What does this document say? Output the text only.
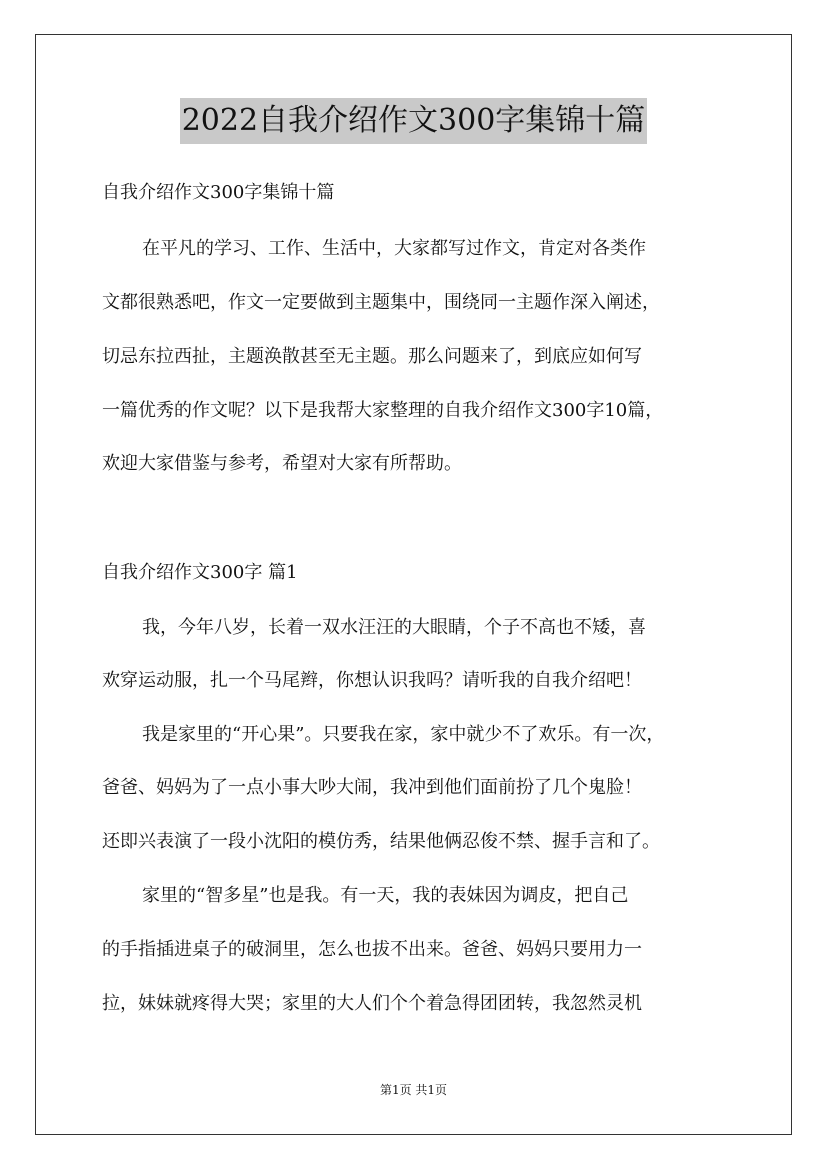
2022自我介绍作文300字集锦十篇
自我介绍作文300字集锦十篇
在平凡的学习、工作、生活中，大家都写过作文，肯定对各类作
文都很熟悉吧，作文一定要做到主题集中，围绕同一主题作深入阐述，
切忌东拉西扯，主题涣散甚至无主题。那么问题来了，到底应如何写
一篇优秀的作文呢？以下是我帮大家整理的自我介绍作文300字10篇，
欢迎大家借鉴与参考，希望对大家有所帮助。
自我介绍作文300字 篇1
我，今年八岁，长着一双水汪汪的大眼睛，个子不高也不矮，喜
欢穿运动服，扎一个马尾辫，你想认识我吗？请听我的自我介绍吧！
我是家里的“开心果”。只要我在家，家中就少不了欢乐。有一次，
爸爸、妈妈为了一点小事大吵大闹，我冲到他们面前扮了几个鬼脸！
还即兴表演了一段小沈阳的模仿秀，结果他俩忍俊不禁、握手言和了。
家里的“智多星”也是我。有一天，我的表妹因为调皮，把自己
的手指插进桌子的破洞里，怎么也拔不出来。爸爸、妈妈只要用力一
拉，妹妹就疼得大哭；家里的大人们个个着急得团团转，我忽然灵机
第1页 共1页
